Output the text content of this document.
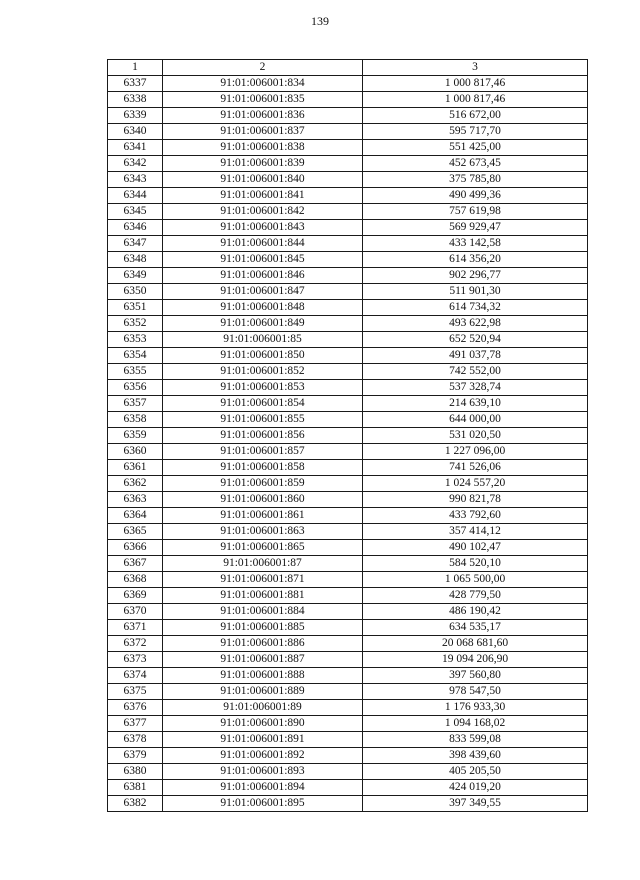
139
1	2	3
6337	91:01:006001:834	1 000 817,46
6338	91:01:006001:835	1 000 817,46
6339	91:01:006001:836	516 672,00
6340	91:01:006001:837	595 717,70
6341	91:01:006001:838	551 425,00
6342	91:01:006001:839	452 673,45
6343	91:01:006001:840	375 785,80
6344	91:01:006001:841	490 499,36
6345	91:01:006001:842	757 619,98
6346	91:01:006001:843	569 929,47
6347	91:01:006001:844	433 142,58
6348	91:01:006001:845	614 356,20
6349	91:01:006001:846	902 296,77
6350	91:01:006001:847	511 901,30
6351	91:01:006001:848	614 734,32
6352	91:01:006001:849	493 622,98
6353	91:01:006001:85	652 520,94
6354	91:01:006001:850	491 037,78
6355	91:01:006001:852	742 552,00
6356	91:01:006001:853	537 328,74
6357	91:01:006001:854	214 639,10
6358	91:01:006001:855	644 000,00
6359	91:01:006001:856	531 020,50
6360	91:01:006001:857	1 227 096,00
6361	91:01:006001:858	741 526,06
6362	91:01:006001:859	1 024 557,20
6363	91:01:006001:860	990 821,78
6364	91:01:006001:861	433 792,60
6365	91:01:006001:863	357 414,12
6366	91:01:006001:865	490 102,47
6367	91:01:006001:87	584 520,10
6368	91:01:006001:871	1 065 500,00
6369	91:01:006001:881	428 779,50
6370	91:01:006001:884	486 190,42
6371	91:01:006001:885	634 535,17
6372	91:01:006001:886	20 068 681,60
6373	91:01:006001:887	19 094 206,90
6374	91:01:006001:888	397 560,80
6375	91:01:006001:889	978 547,50
6376	91:01:006001:89	1 176 933,30
6377	91:01:006001:890	1 094 168,02
6378	91:01:006001:891	833 599,08
6379	91:01:006001:892	398 439,60
6380	91:01:006001:893	405 205,50
6381	91:01:006001:894	424 019,20
6382	91:01:006001:895	397 349,55
